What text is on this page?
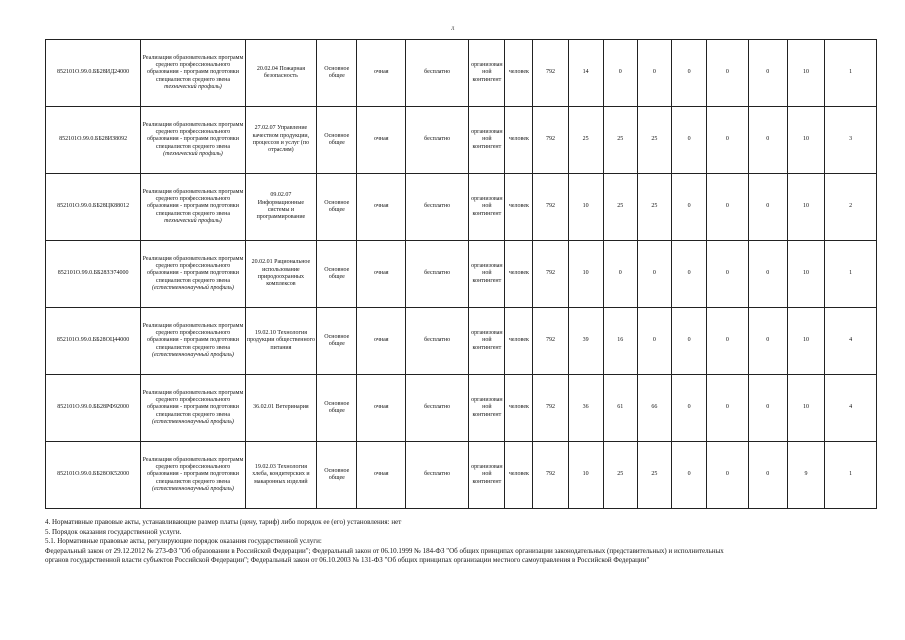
л
852101О.99.0.ББ28ИД24000	Реализация образовательных программ среднего профессионального образования - программ подготовки специалистов среднего звена технический профиль)	20.02.04 Пожарная безопасность	Основное общее	очная	бесплатно	организованной контингент	человек	792	14	0	0	0	0	0	10	1
852101О.99.0.ББ28ИЗ8092	Реализация образовательных программ среднего профессионального образования - программ подготовки специалистов среднего звена (технический профиль)	27.02.07 Управление качеством продукции, процессов и услуг (по отраслям)	Основное общее	очная	бесплатно	организованной контингент	человек	792	25	25	25	0	0	0	10	3
852101О.99.0.ББ28ЦК88012	Реализация образовательных программ среднего профессионального образования - программ подготовки специалистов среднего звена технический профиль)	09.02.07 Информационные системы и программирование	Основное общее	очная	бесплатно	организованной контингент	человек	792	10	25	25	0	0	0	10	2
852101О.99.0.ББ28ЗЭ74000	Реализация образовательных программ среднего профессионального образования - программ подготовки специалистов среднего звена (естественнонаучный профиль)	20.02.01 Рациональное использование природоохранных комплексов	Основное общее	очная	бесплатно	организованной контингент	человек	792	10	0	0	0	0	0	10	1
852101О.99.0.ББ28ОЦ44000	Реализация образовательных программ среднего профессионального образования - программ подготовки специалистов среднего звена (естественнонаучный профиль)	19.02.10 Технология продукции общественного питания	Основное общее	очная	бесплатно	организованной контингент	человек	792	39	16	0	0	0	0	10	4
852101О.99.0.ББ28РФ92000	Реализация образовательных программ среднего профессионального образования - программ подготовки специалистов среднего звена (естественнонаучный профиль)	36.02.01 Ветеринария	Основное общее	очная	бесплатно	организованной контингент	человек	792	36	61	66	0	0	0	10	4
852101О.99.0.ББ28ОК52000	Реализация образовательных программ среднего профессионального образования - программ подготовки специалистов среднего звена (естественнонаучный профиль)	19.02.03 Технология хлеба, кондитерских и макаронных изделий	Основное общее	очная	бесплатно	организованной контингент	человек	792	10	25	25	0	0	0	9	1
4. Нормативные правовые акты, устанавливающие размер платы (цену, тариф) либо порядок ее (его) установления: нет
5. Порядок оказания государственной услуги.
5.1. Нормативные правовые акты, регулирующие порядок оказания государственной услуги:
Федеральный закон от 29.12.2012 № 273-ФЗ "Об образовании в Российской Федерации"; Федеральный закон от 06.10.1999 № 184-ФЗ "Об общих принципах организации законодательных (представительных) и исполнительных
органов государственной власти субъектов Российской Федерации"; Федеральный закон от 06.10.2003 № 131-ФЗ "Об общих принципах организации местного самоуправления в Российской Федерации"
